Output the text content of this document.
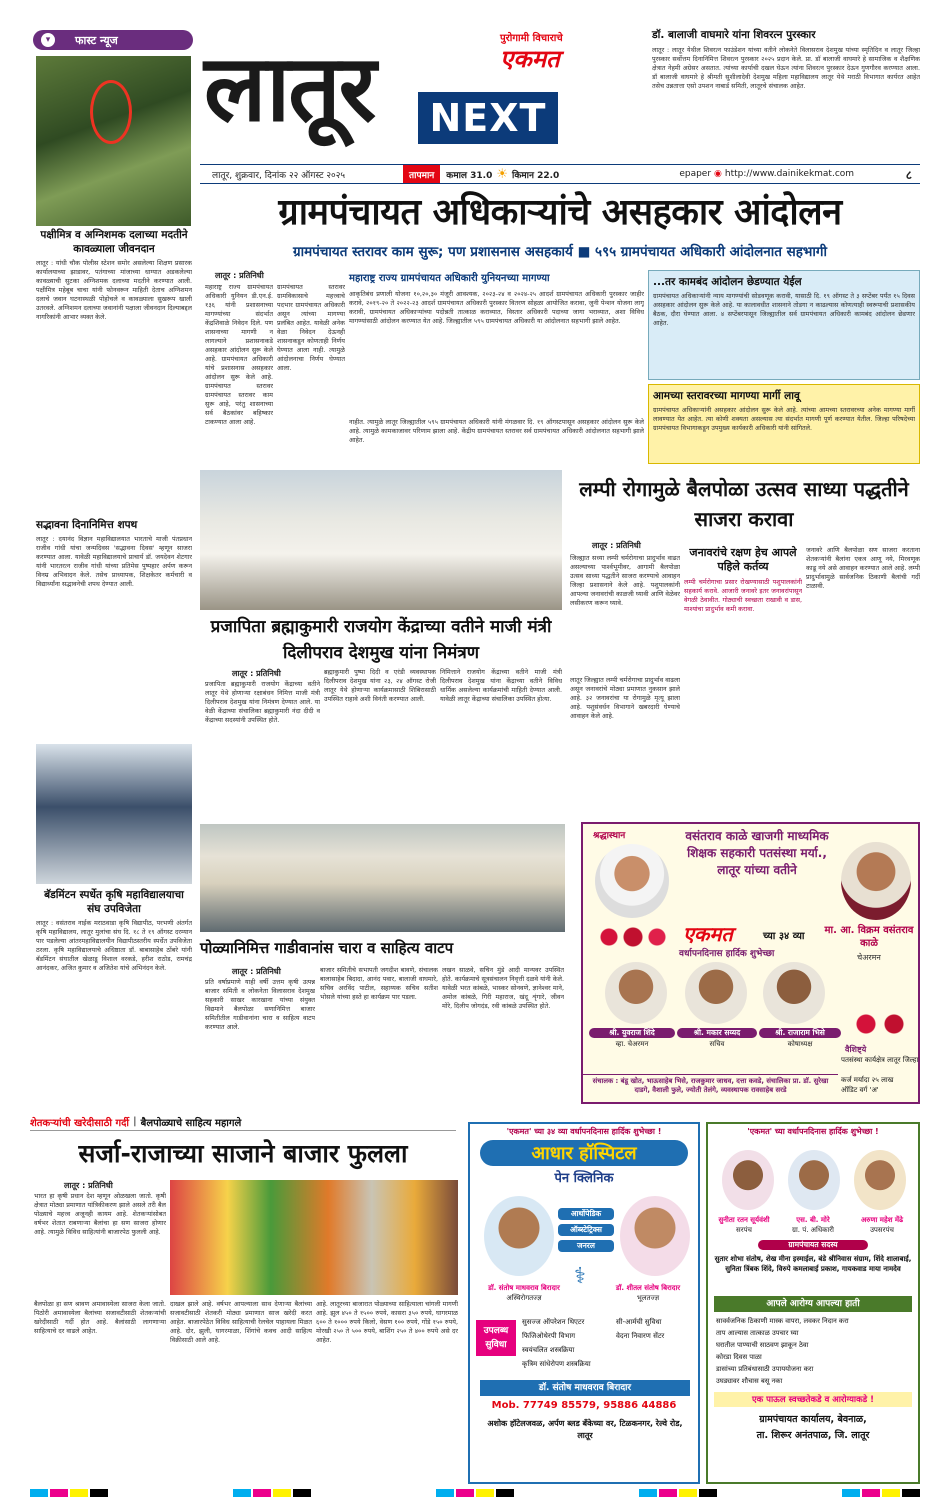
▾	फास्ट न्यूज
पक्षीमित्र व अग्निशमक दलाच्या मदतीने कावळ्याला जीवनदान
लातूर : यांधी चौक पोलीस स्टेशन समोर असलेल्या शिक्षण प्रसारक कार्यालयाच्या झाडावर, पतंगाच्या मांजाच्या धाग्यात अडकलेल्या कावळ्याची सुटका अग्निशमक दलाच्या मदतीने करण्यात आली. पक्षीमित्र महेबूब चाचा यांनी फोनवरून माहिती देताच अग्निशमन दलाचे जवान घटनास्थळी पोहोचले व कावळ्याला सुखरूप खाली उतरवले. अग्निशमन दलाच्या जवानांनी पक्षाला जीवनदान दिल्याबद्दल नागरिकांनी आभार व्यक्त केले.
सद्भावना दिनानिमित्त शपथ
लातूर : दयानंद विज्ञान महाविद्यालयात भारताचे माजी पंतप्रधान राजीव गांधी यांचा जन्मदिवस 'सद्भावना दिवस' म्हणून साजरा करण्यात आला. यावेळी महाविद्यालयाचे प्राचार्य डॉ. जयदेवन शेटगार यांनी भारतरत्न राजीव गांधी यांच्या प्रतिमेस पुष्पहार अर्पण करून विनम्र अभिवादन केले. तसेच प्राध्यापक, शिक्षकेतर कर्मचारी व विद्यार्थ्यांना सद्भावनेची शपथ देण्यात आली.
बॅडमिंटन स्पर्धेत कृषि महाविद्यालयाचा संघ उपविजेता
लातूर : वसंतराव नाईक मराठवाडा कृषि विद्यापीठ, परभणी अंतर्गत कृषि महाविद्यालय, लातूर मुलांचा संघ दि. १८ ते १९ ऑगस्ट दरम्यान पार पडलेल्या आंतरमहाविद्यालयीन विद्यापीठस्तरीय स्पर्धेत उपविजेता ठरला. कृषि महाविद्यालयाचे अधिष्ठाता डॉ. बाबासाहेब ठोंबरे यांनी बॅडमिंटन संघातील खेळाडू विशाल वरकडे, हरीश राठोड, रामचंद्र आनंदकर, अजित कुमार व अजितेश यांचे अभिनंदन केले.
लातूर	पुरोगामी विचाराचे
एकमत
NEXT
लातूर, शुक्रवार, दिनांक २२ ऑगस्ट २०२५	तापमान कमाल 31.0 ☀ किमान 22.0	epaper ◉ http://www.dainikekmat.com	८
डॉ. बालाजी वाघमारे यांना शिवरत्न पुरस्कार
लातूर : लातूर येथील शिवरत्न फाउंडेशन यांच्या वतीने लोकनेते विलासराव देशमुख यांच्या स्मृतिदिन व लातूर जिल्हा पुरस्कार सर्वोत्तम दिनानिमित्त शिवरत्न पुरस्कार २०२५ प्रदान केले. प्रा. डॉ बालाजी वाघमारे हे सामाजिक व शैक्षणिक क्षेत्रात नेहमी अग्रेसर असतात. त्यांच्या कार्याची दखल घेऊन त्यांना शिवरत्न पुरस्कार देऊन गुणगौरव करण्यात आला. डॉ बालाजी वाघमारे हे श्रीमती सुशीलादेवी देशमुख महिला महाविद्यालय लातूर येथे मराठी विभागात कार्यरत आहेत तसेच उन्नतात्ता एसो उपशन नाबार्ड समिती, लातूरचे संचालक आहेत.
ग्रामपंचायत अधिकाऱ्यांचे असहकार आंदोलन
ग्रामपंचायत स्तरावर काम सुरू; पण प्रशासनास असहकार्य ■ ५९५ ग्रामपंचायत अधिकारी आंदोलनात सहभागी
लातूर : प्रतिनिधी
महाराष्ट्र राज्य ग्रामपंचायत अधिकारी युनियन डी.एन.ई. १३६ यांनी प्रशासनाच्या मागण्यांच्या संदर्भात केंद्रशिवाळे निवेदन दिले. पण शासनाच्या मागणी न लागल्याने प्रशासनाकडे असहकार आंदोलन सुरू केले आहे. ग्रामपंचायत अधिकारी यांचे प्रशासनास असहकार आंदोलन सुरू केले आहे. ग्रामपंचायत स्तरावर ग्रामपंचायत स्तरावर काम सुरू आहे, परंतु शासनाच्या सर्व बैठकांवर बहिष्कार टाकण्यात आला आहे.
ग्रामपंचायत स्तरावर ग्रामविकासाचे महत्त्वाचे पदभार ग्रामपंचायत अधिकारी असून त्यांच्या मागण्या प्रलंबित आहेत. यावेळी अनेक वेळा निवेदन देऊनही शासनाकडून कोणताही निर्णय घेण्यात आला नाही. त्यामुळे आंदोलनाचा निर्णय घेण्यात आला.
महाराष्ट्र राज्य ग्रामपंचायत अधिकारी युनियनच्या मागण्या
आकृतिबंध प्रणाली योजना १०,२०,३० मंजूरी आवश्यक, २०२३-२४ व २०२४-२५ आदर्श ग्रामपंचायत अधिकारी पुरस्कार जाहीर करावे, २०१९-२० ते २०२२-२३ आदर्श ग्रामपंचायत अधिकारी पुरस्कार वितरण सोहळा आयोजित करावा, जुनी पेन्शन योजना लागू करावी, ग्रामपंचायत अधिकाऱ्यांच्या पदोन्नती तात्काळ कराव्यात, विस्तार अधिकारी पदाच्या जागा भराव्यात, अशा विविध मागण्यांसाठी आंदोलन करण्यात येत आहे. जिल्ह्यातील ५९५ ग्रामपंचायत अधिकारी या आंदोलनात सहभागी झाले आहेत.
नाहीत. त्यामुळे लातूर जिल्ह्यातील ५९५ ग्रामपंचायत अधिकारी यांनी मंगळवार दि. १९ ऑगस्टपासून असहकार आंदोलन सुरू केले आहे. त्यामुळे कामकाजावर परिणाम झाला आहे. केंद्रीय ग्रामपंचायत स्तरावर सर्व ग्रामपंचायत अधिकारी आंदोलनात सहभागी झाले आहेत.
...तर कामबंद आंदोलन छेडण्यात येईल
ग्रामपंचायत अधिकाऱ्यांनी न्याय मागण्यांची सोडवणूक करावी, यासाठी दि. १९ ऑगस्ट ते ३ सप्टेंबर पर्यंत १५ दिवस असहकार आंदोलन सुरू केले आहे. या कालावधीत शासनाने तोडगा न काढल्यास कोणत्याही स्वरूपाची प्रशासकीय बैठक, दौरा घेण्यात आला. ४ सप्टेंबरपासून जिल्ह्यातील सर्व ग्रामपंचायत अधिकारी कामबंद आंदोलन छेडणार आहेत.
आमच्या स्तरावरच्या मागण्या मार्गी लावू
ग्रामपंचायत अधिकाऱ्यांनी असहकार आंदोलन सुरू केले आहे. त्यांच्या आमच्या स्तरावरच्या अनेक मागण्या मार्गी लावण्यात येत आहेत. त्या कोणी शक्यता असल्यास त्या संदर्भात मागणी पूर्ण करण्यात येतील. जिल्हा परिषदेच्या ग्रामपंचायत विभागाकडून उपमुख्य कार्यकारी अधिकारी यांनी सांगितले.
प्रजापिता ब्रह्माकुमारी राजयोग केंद्राच्या वतीने माजी मंत्री दिलीपराव देशमुख यांना निमंत्रण
लातूर : प्रतिनिधी
प्रजापिता ब्रह्माकुमारी राजयोग केंद्राच्या वतीने लातूर येथे होणाऱ्या रक्षाबंधन निमित्त माजी मंत्री दिलीपराव देशमुख यांना निमंत्रण देण्यात आले. या वेळी केंद्राच्या संचालिका ब्रह्माकुमारी नंदा दीदी व केंद्राच्या सदस्यांनी उपस्थित होते.
ब्रह्माकुमारी पुष्पा दिदी व एरंडी व्यवस्थापक दिलीपराव देशमुख यांना २३, २४ ऑगस्ट रोजी लातूर येथे होणाऱ्या कार्यक्रमासाठी शिबिरासाठी उपस्थित राहावे अशी विनंती करण्यात आली.
निमित्ताने राजयोग केंद्राच्या वतीने माजी मंत्री दिलीपराव देशमुख यांना केंद्राच्या वतीने विविध धार्मिक असलेल्या कार्यक्रमांची माहिती देण्यात आली. यावेळी लातूर केंद्राच्या संचालिका उपस्थित होत्या.
लम्पी रोगामुळे बैलपोळा उत्सव साध्या पद्धतीने साजरा करावा
लातूर : प्रतिनिधी
जिल्ह्यात सध्या लम्पी चर्मरोगाचा प्रादुर्भाव वाढत असल्याच्या पार्श्वभूमीवर, आगामी बैलपोळा उत्सव साध्या पद्धतीने साजरा करण्याचे आवाहन जिल्हा प्रशासनाने केले आहे. पशुपालकांनी आपल्या जनावरांची काळजी घ्यावी आणि वेळेवर लसीकरण करून घ्यावे.
लातूर जिल्ह्यात लम्पी चर्मरोगाचा प्रादुर्भाव वाढला असून जनावरांचे मोठ्या प्रमाणात नुकसान झाले आहे. ३२ जनावरांचा या रोगामुळे मृत्यू झाला आहे. पशुसंवर्धन विभागाने खबरदारी घेण्याचे आवाहन केले आहे.
जनावरांचे रक्षण हेच आपले पहिले कर्तव्य
लम्पी चर्मरोगाचा प्रसार रोखण्यासाठी पशुपालकांनी सहकार्य करावे. आजारी जनावरे इतर जनावरांपासून वेगळी ठेवावीत. गोठ्याची स्वच्छता राखावी व डास, माश्यांचा प्रादुर्भाव कमी करावा.
जनावरे आणि बैलपोळा सण साजरा करताना शेतकऱ्यांनी बैलांना एकत्र आणू नये, मिरवणूक काढू नये असे आवाहन करण्यात आले आहे. लम्पी प्रादुर्भावामुळे सार्वजनिक ठिकाणी बैलांची गर्दी टाळावी.
पोळ्यानिमित्त गाडीवानांस चारा व साहित्य वाटप
लातूर : प्रतिनिधी
प्रति वर्षाप्रमाणे याही वर्षी उत्तम कृषी उत्पन्न बाजार समिती व लोकनेता विलासराव देशमुख सहकारी साखर कारखाना यांच्या संयुक्त विद्यमाने बैलपोळा सणानिमित्त बाजार समितीतील गाडीवानांना चारा व साहित्य वाटप करण्यात आले.
बाजार समितीचे सभापती जगदीश बावणे, संचालक बालासाहेब बिदादा, आनंद पवार, बालाजी वाघमारे, सचिव अरविंद पाटील, सहाय्यक सचिव सतीश भोसले यांच्या हस्ते हा कार्यक्रम पार पडला.
लखन साळवे, सचिन मुंडे आदी मान्यवर उपस्थित होते. कार्यक्रमाचे सूत्रसंचालन निवृत्ती दळवे यांनी केले. यावेळी भरत कांबळे, भास्कर सोनवणे, ज्ञानेश्वर माने, अमोल कांबळे, गिरी महाराज, खंदू शृंगारे, जीवन मोरे, दिलीप जोगदंड, रवी कांबळे उपस्थित होते.
श्रद्धास्थान	वसंतराव काळे खाजगी माध्यमिक शिक्षक सहकारी पतसंस्था मर्या., लातूर यांच्या वतीने
एकमत	च्या ३४ व्या
वर्धापनदिनास हार्दिक शुभेच्छा
मा. आ. विक्रम वसंतराव काळे
चेअरमन
वैशिष्ट्ये
पतसंस्था कार्यक्षेत्र लातूर जिल्हा
कर्ज मर्यादा २५ लाख
ऑडिट वर्ग 'अ'
श्री. युवराज शिंदे
व्हा. चेअरमन
श्री. मकार सय्यद
सचिव
श्री. राजाराम भिसे
कोषाध्यक्ष
संचालक : बंडू खोत, भाऊसाहेब भिसे, राजकुमार जाधव, दत्ता कवडे, संचालिका प्रा. डॉ. सुरेखा दाडगे, वैशाली फुले, ज्योती तेलंगे, व्यवस्थापक रावसाहेब सरडे
शेतकऱ्यांची खरेदीसाठी गर्दी | बैलपोळ्याचे साहित्य महागले
सर्जा-राजाच्या साजाने बाजार फुलला
लातूर : प्रतिनिधी
भारत हा कृषी प्रधान देश म्हणून ओळखला जातो. कृषी क्षेत्रात मोठ्या प्रमाणात यांत्रिकीकरण झाले असले तरी बैल पोळ्याचे महत्त्व अजूनही कायम आहे. शेतकऱ्यांसोबत वर्षभर शेतात राबणाऱ्या बैलांचा हा सण साजरा होणार आहे. त्यामुळे विविध साहित्यांनी बाजारपेठ फुलली आहे.
बैलपोळा हा सण श्रावण अमावास्येला साजरा केला जातो. पिठोरी अमावास्येला बैलांच्या सजावटीसाठी शेतकऱ्यांची खरेदीसाठी गर्दी होत आहे. बैलांसाठी लागणाऱ्या साहित्याचे दर वाढले आहेत.
दाखल झाले आहे. वर्षभर आपल्याला साथ देणाऱ्या बैलांच्या सजावटीसाठी शेतकरी मोठ्या प्रमाणात साज खरेदी करत आहेत. बाजारपेठेत विविध साहित्याची रेलचेल पाहायला मिळत आहे. दोर, झुली, घागरमाळा, शिंगांचे कवच आदी साहित्य विक्रीसाठी आले आहे.
आहे. लातूरच्या बाजारात पोळ्याच्या साहित्याला चांगली मागणी आहे. झुल ४५० ते १५०० रुपये, कासरा ३५० रुपये, घागरमाळ ६०० ते १००० रुपये किलो, वेसण १०० रुपये, गोंडे १५० रुपये, मोरखी २५० ते ५०० रुपये, बाशिंग २५० ते ४०० रुपये असे दर आहेत.
'एकमत' च्या ३४ व्या वर्धापनदिनास हार्दिक शुभेच्छा !
आधार हॉस्पिटल
पेन क्लिनिक
आर्थोपेडिक
ऑब्स्टेट्रिक्स
जनरल
⚕
डॉ. संतोष माधवराव बिरादार
अस्थिरोगतज्ज्ञ
डॉ. शीतल संतोष बिरादार
भूलतज्ज्ञ
उपलब्ध सुविधा
सुसज्ज ऑपरेशन थिएटर	सी-आर्मची सुविधा
फिजिओथेरपी विभाग	वेदना निवारण सेंटर
स्वयंचलित शस्त्रक्रिया
कृत्रिम सांधेरोपण शस्त्रक्रिया
डॉ. संतोष माधवराव बिरादार
Mob. 77749 85579, 95886 44886
अशोक हॉटेलजवळ, अर्पण ब्लड बँकेच्या वर, टिळकनगर, रेल्वे रोड, लातूर
'एकमत' च्या वर्धापनदिनास हार्दिक शुभेच्छा !
सुनीता रतन सूर्यवंशी
सरपंच
एस. बी. मोरे
ग्रा. पं. अधिकारी
अरुणा महेश मेंढे
उपसरपंच
ग्रामपंचायत सदस्य
सुतार शोभा संतोष, शेख मीना इस्माईल, बंडे श्रीनिवास संग्राम, शिंदे शालाबाई, सुनिता त्रिंबक शिंदे, विरुपे कमलाबाई प्रकाश, गायकवाड माया नामदेव
आपले आरोग्य आपल्या हाती
सावर्वजनिक ठिकाणी मास्क वापरा, लवकर निदान करा
ताप आल्यास तात्काळ उपचार घ्या
घरातील पाण्याची साठवण झाकून ठेवा
कोरडा दिवस पाळा
डासांच्या प्रतिबंधासाठी उपाययोजना करा
उघड्यावर शौचास बसू नका
एक पाऊल स्वच्छतेकडे व आरोग्याकडे !
ग्रामपंचायत कार्यालय, बेवनाळ,
ता. शिरूर अनंतपाळ, जि. लातूर
